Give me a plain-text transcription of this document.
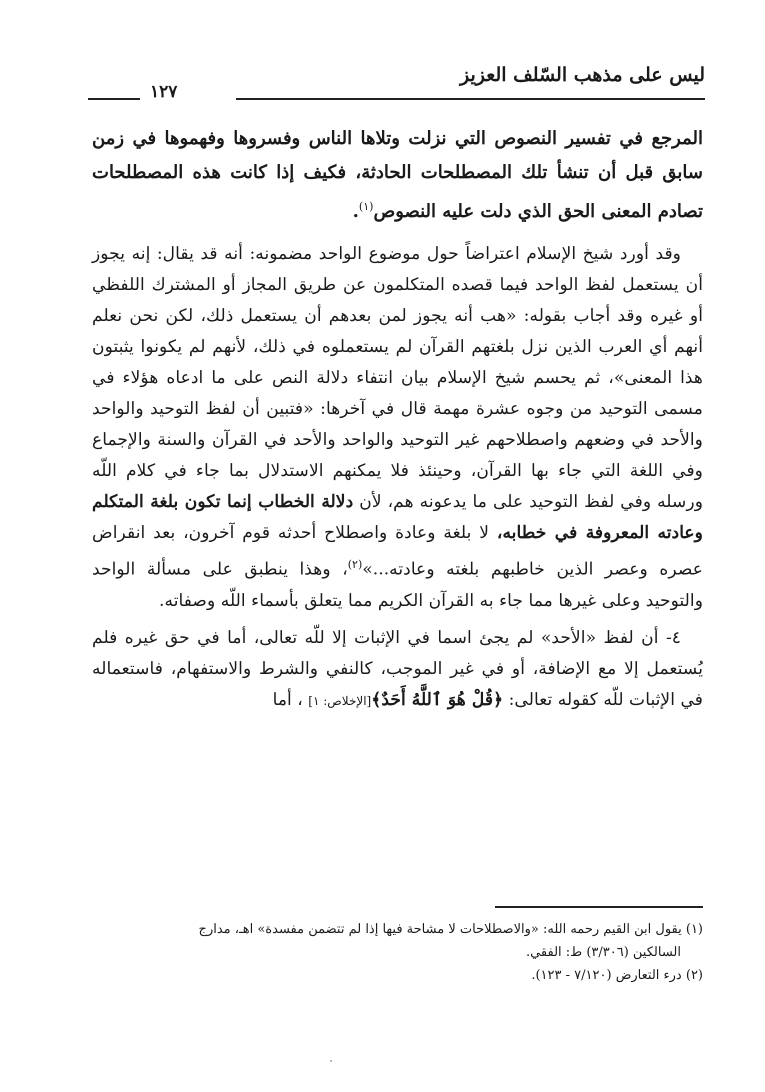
ليس على مذهب السّلف العزيز
١٢٧

المرجع في تفسير النصوص التي نزلت وتلاها الناس وفسروها وفهموها في زمن سابق قبل أن تنشأ تلك المصطلحات الحادثة، فكيف إذا كانت هذه المصطلحات تصادم المعنى الحق الذي دلت عليه النصوص$^{(١)}$.

وقد أورد شيخ الإسلام اعتراضاً حول موضوع الواحد مضمونه: أنه قد يقال: إنه يجوز أن يستعمل لفظ الواحد فيما قصده المتكلمون عن طريق المجاز أو المشترك اللفظي أو غيره وقد أجاب بقوله: «هب أنه يجوز لمن بعدهم أن يستعمل ذلك، لكن نحن نعلم أنهم أي العرب الذين نزل بلغتهم القرآن لم يستعملوه في ذلك، لأنهم لم يكونوا يثبتون هذا المعنى»، ثم يحسم شيخ الإسلام بيان انتفاء دلالة النص على ما ادعاه هؤلاء في مسمى التوحيد من وجوه عشرة مهمة قال في آخرها: «فتبين أن لفظ التوحيد والواحد والأحد في وضعهم واصطلاحهم غير التوحيد والواحد والأحد في القرآن والسنة والإجماع وفي اللغة التي جاء بها القرآن، وحينئذ فلا يمكنهم الاستدلال بما جاء في كلام اللّه ورسله وفي لفظ التوحيد على ما يدعونه هم، لأن دلالة الخطاب إنما تكون بلغة المتكلم وعادته المعروفة في خطابه، لا بلغة وعادة واصطلاح أحدثه قوم آخرون، بعد انقراض عصره وعصر الذين خاطبهم بلغته وعادته...»$^{(٢)}$، وهذا ينطبق على مسألة الواحد والتوحيد وعلى غيرها مما جاء به القرآن الكريم مما يتعلق بأسماء اللّه وصفاته.

٤- أن لفظ «الأحد» لم يجئ اسما في الإثبات إلا للّه تعالى، أما في حق غيره فلم يُستعمل إلا مع الإضافة، أو في غير الموجب، كالنفي والشرط والاستفهام، فاستعماله في الإثبات للّه كقوله تعالى: ﴿قُلْ هُوَ ٱللَّهُ أَحَدٌ﴾[الإخلاص: ١] ، أما

(١) يقول ابن القيم رحمه الله: «والاصطلاحات لا مشاحة فيها إذا لم تتضمن مفسدة» اهـ، مدارج

السالكين (٣/٣٠٦) ط: الفقي.

(٢) درء التعارض (٧/١٢٠ - ١٢٣).
